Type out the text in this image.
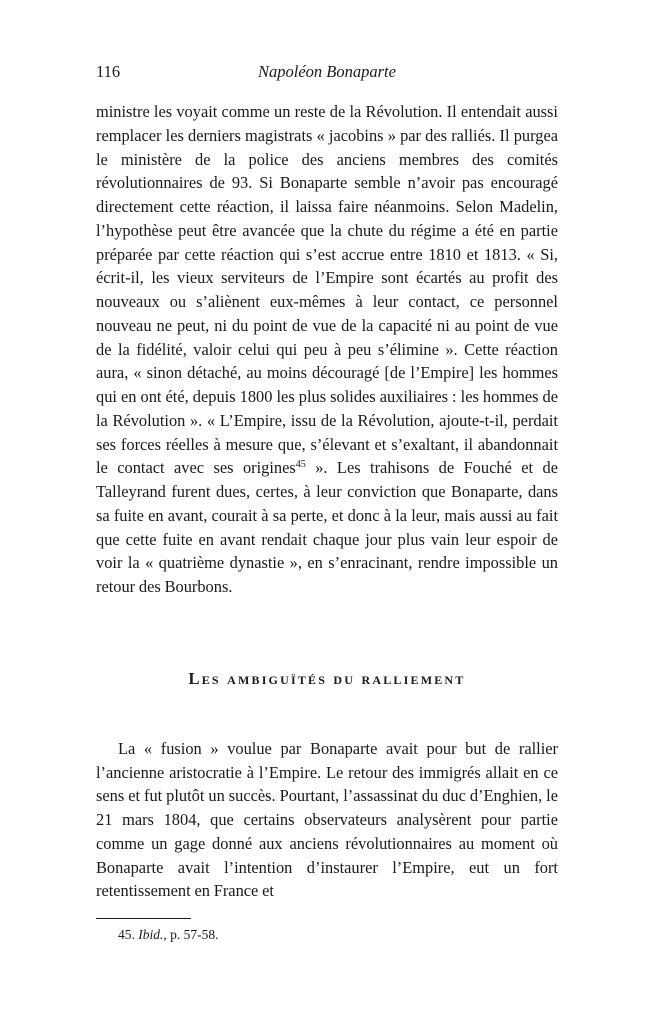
116	Napoléon Bonaparte

ministre les voyait comme un reste de la Révolution. Il entendait aussi remplacer les derniers magistrats « jacobins » par des ralliés. Il purgea le ministère de la police des anciens membres des comités révolutionnaires de 93. Si Bonaparte semble n’avoir pas encouragé directement cette réaction, il laissa faire néanmoins. Selon Madelin, l’hypothèse peut être avancée que la chute du régime a été en partie préparée par cette réaction qui s’est accrue entre 1810 et 1813. « Si, écrit-il, les vieux serviteurs de l’Empire sont écartés au profit des nouveaux ou s’aliènent eux-mêmes à leur contact, ce personnel nouveau ne peut, ni du point de vue de la capacité ni au point de vue de la fidélité, valoir celui qui peu à peu s’élimine ». Cette réaction aura, « sinon détaché, au moins découragé [de l’Empire] les hommes qui en ont été, depuis 1800 les plus solides auxiliaires : les hommes de la Révolution ». « L’Empire, issu de la Révolution, ajoute-t-il, perdait ses forces réelles à mesure que, s’élevant et s’exaltant, il abandonnait le contact avec ses origines$^{45}$ ». Les trahisons de Fouché et de Talleyrand furent dues, certes, à leur conviction que Bonaparte, dans sa fuite en avant, courait à sa perte, et donc à la leur, mais aussi au fait que cette fuite en avant rendait chaque jour plus vain leur espoir de voir la « quatrième dynastie », en s’enracinant, rendre impossible un retour des Bourbons.

Les ambiguïtés du ralliement

La « fusion » voulue par Bonaparte avait pour but de rallier l’ancienne aristocratie à l’Empire. Le retour des immigrés allait en ce sens et fut plutôt un succès. Pourtant, l’assassinat du duc d’Enghien, le 21 mars 1804, que certains observateurs analysèrent pour partie comme un gage donné aux anciens révolutionnaires au moment où Bonaparte avait l’intention d’instaurer l’Empire, eut un fort retentissement en France et

45. Ibid., p. 57-58.
